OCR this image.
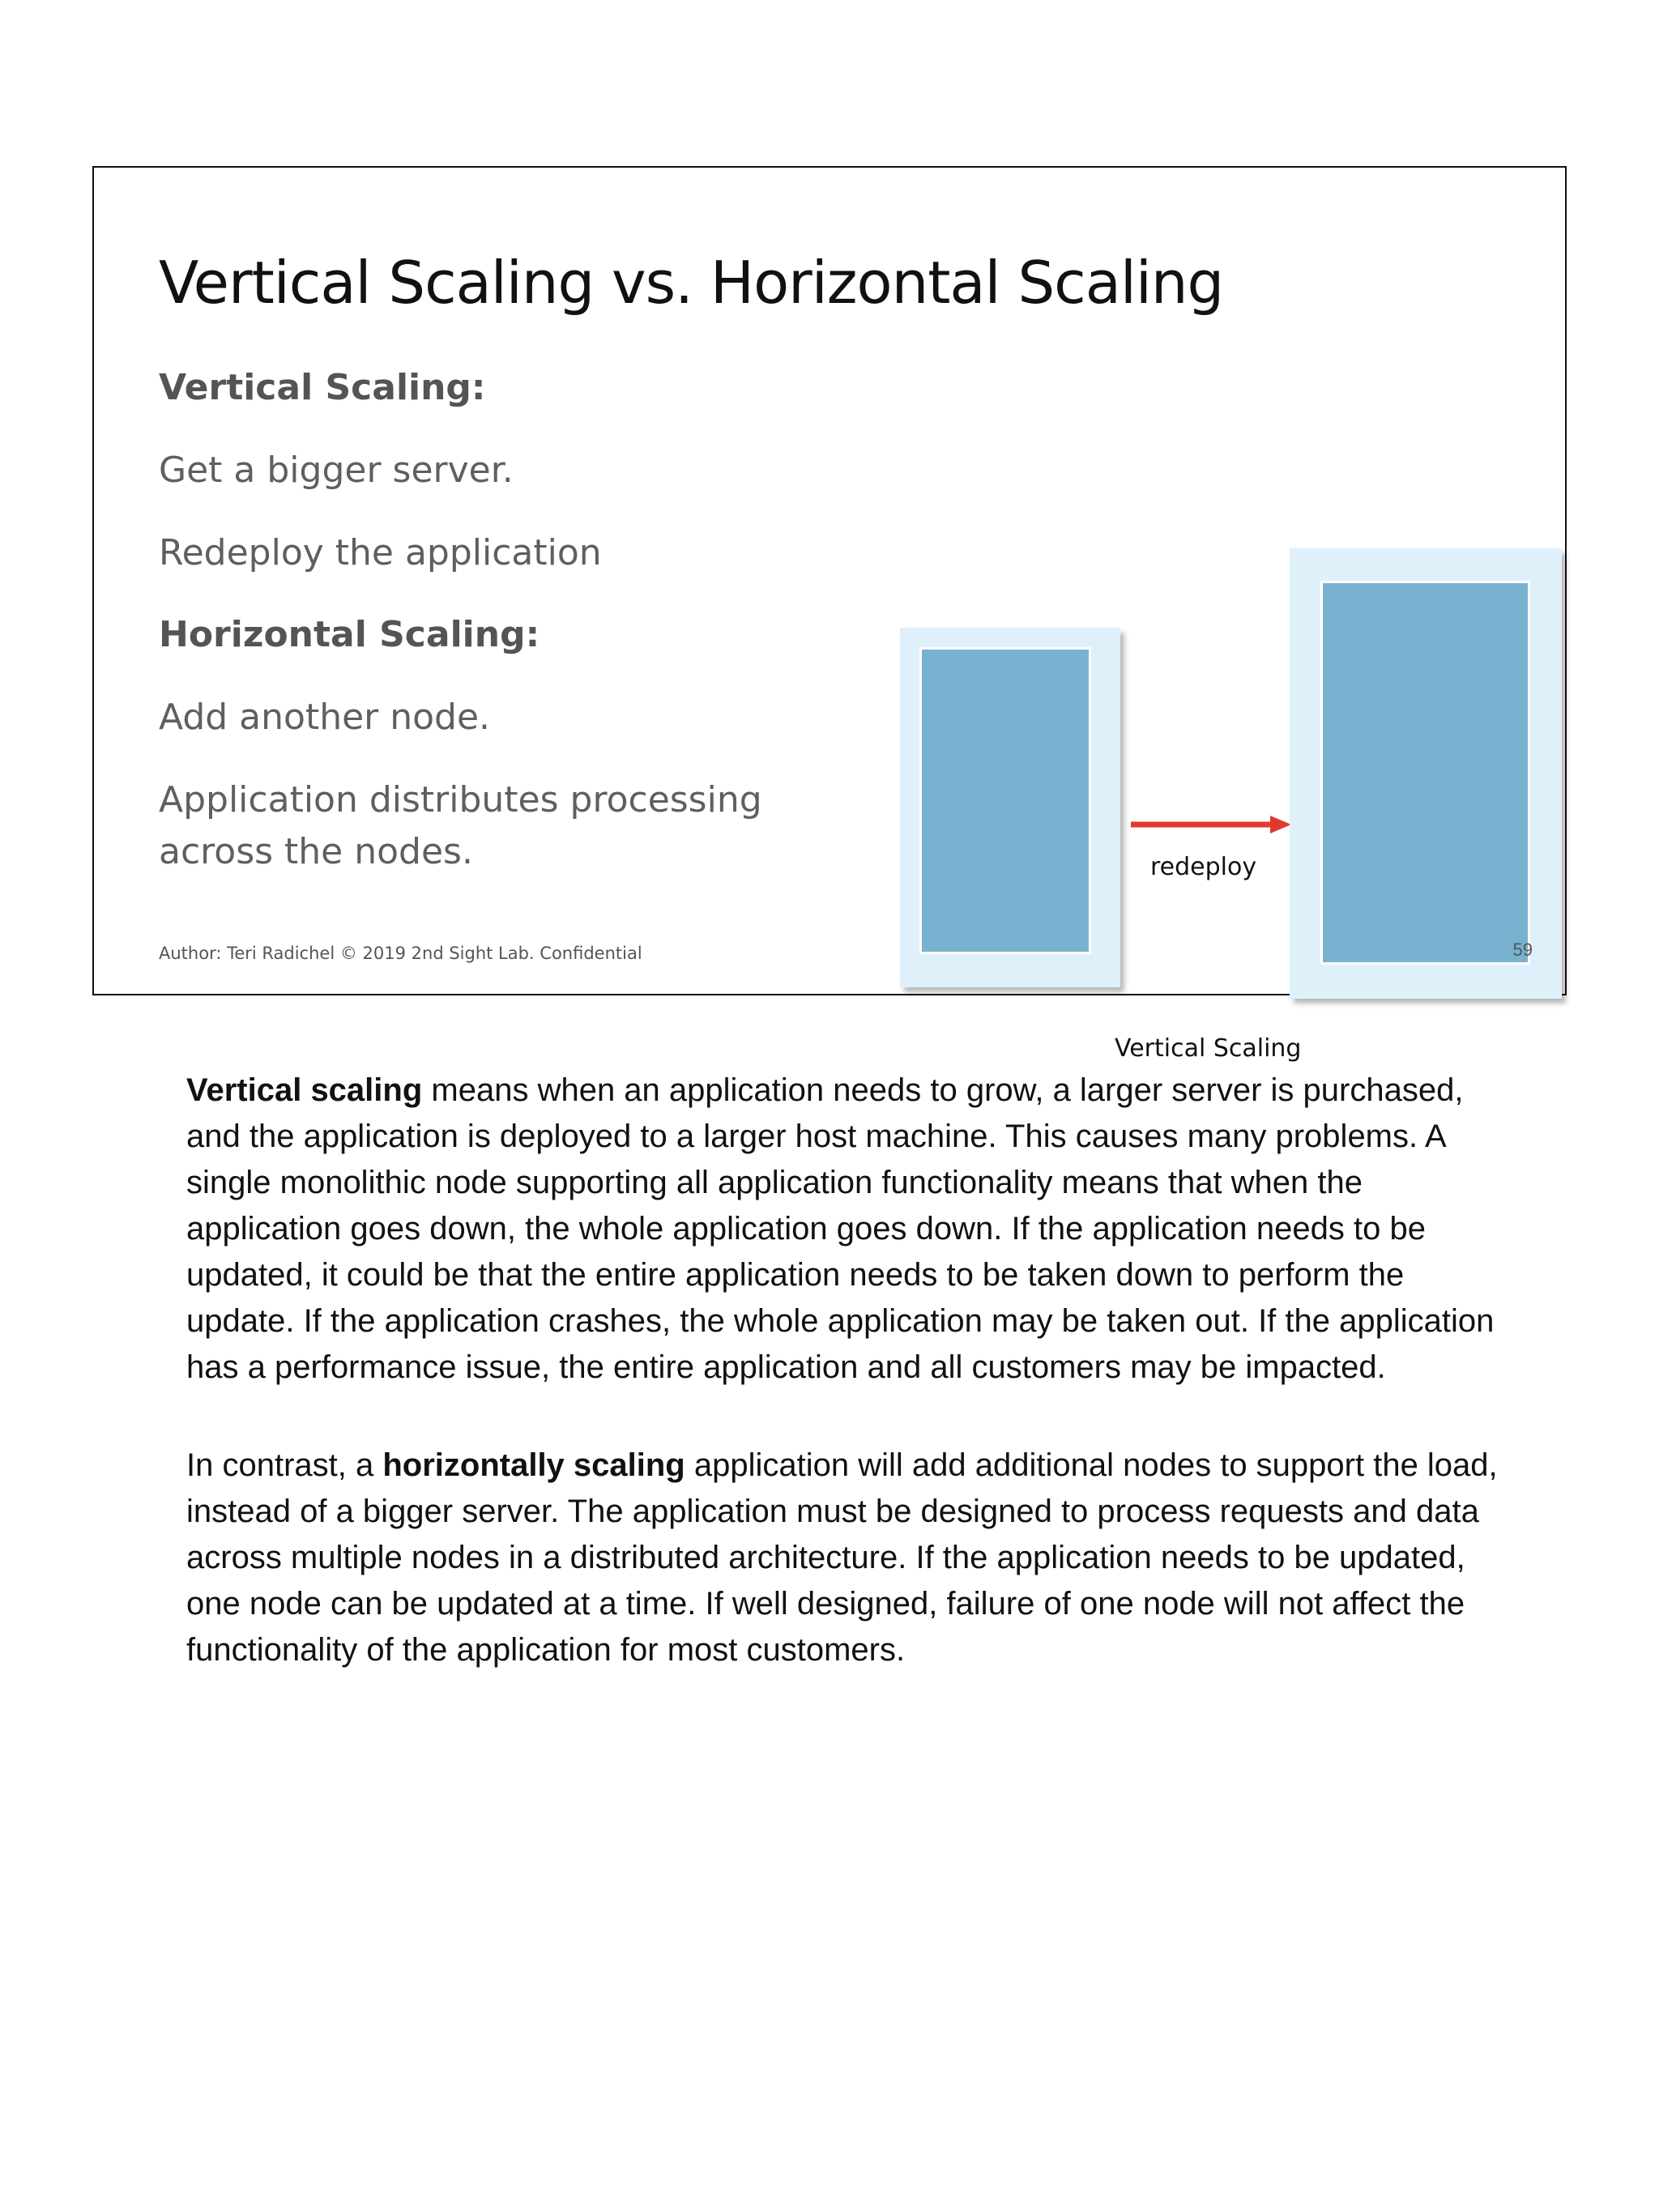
Vertical Scaling vs. Horizontal Scaling

Vertical Scaling:

Get a bigger server.

Redeploy the application

Horizontal Scaling:

Add another node.

Application distributes processing
across the nodes.	redeploy
Vertical Scaling
Author: Teri Radichel © 2019 2nd Sight Lab. Confidential	59

Vertical scaling means when an application needs to grow, a larger server is purchased, and the application is deployed to a larger host machine. This causes many problems. A single monolithic node supporting all application functionality means that when the application goes down, the whole application goes down. If the application needs to be updated, it could be that the entire application needs to be taken down to perform the update. If the application crashes, the whole application may be taken out. If the application has a performance issue, the entire application and all customers may be impacted.

In contrast, a horizontally scaling application will add additional nodes to support the load, instead of a bigger server. The application must be designed to process requests and data across multiple nodes in a distributed architecture. If the application needs to be updated, one node can be updated at a time. If well designed, failure of one node will not affect the functionality of the application for most customers.
